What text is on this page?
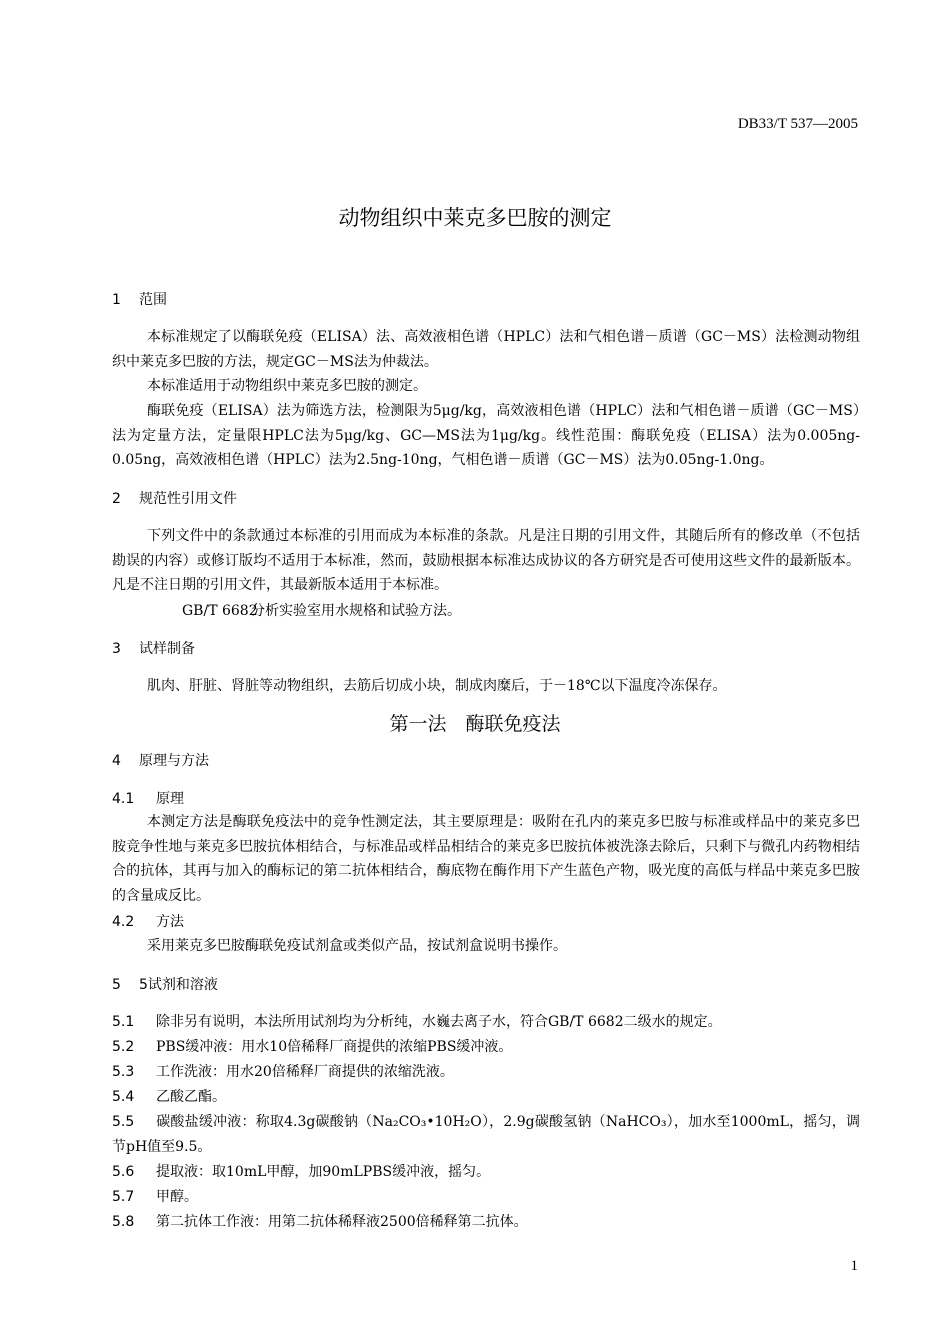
DB33/T 537—2005
动物组织中莱克多巴胺的测定
1 范围
本标准规定了以酶联免疫（ELISA）法、高效液相色谱（HPLC）法和气相色谱－质谱（GC－MS）法检测动物组织中莱克多巴胺的方法，规定GC－MS法为仲裁法。
本标准适用于动物组织中莱克多巴胺的测定。
酶联免疫（ELISA）法为筛选方法，检测限为5μg/kg，高效液相色谱（HPLC）法和气相色谱－质谱（GC－MS）法为定量方法，定量限HPLC法为5μg/kg、GC—MS法为1μg/kg。线性范围：酶联免疫（ELISA）法为0.005ng-0.05ng，高效液相色谱（HPLC）法为2.5ng-10ng，气相色谱－质谱（GC－MS）法为0.05ng-1.0ng。
2 规范性引用文件
下列文件中的条款通过本标准的引用而成为本标准的条款。凡是注日期的引用文件，其随后所有的修改单（不包括勘误的内容）或修订版均不适用于本标准，然而，鼓励根据本标准达成协议的各方研究是否可使用这些文件的最新版本。凡是不注日期的引用文件，其最新版本适用于本标准。
GB/T 6682分析实验室用水规格和试验方法。
3 试样制备
肌肉、肝脏、肾脏等动物组织，去筋后切成小块，制成肉糜后，于－18℃以下温度冷冻保存。
第一法　酶联免疫法
4 原理与方法
4.1 原理
本测定方法是酶联免疫法中的竞争性测定法，其主要原理是：吸附在孔内的莱克多巴胺与标准或样品中的莱克多巴胺竞争性地与莱克多巴胺抗体相结合，与标准品或样品相结合的莱克多巴胺抗体被洗涤去除后，只剩下与微孔内药物相结合的抗体，其再与加入的酶标记的第二抗体相结合，酶底物在酶作用下产生蓝色产物，吸光度的高低与样品中莱克多巴胺的含量成反比。
4.2 方法
采用莱克多巴胺酶联免疫试剂盒或类似产品，按试剂盒说明书操作。
5 5试剂和溶液
5.1 除非另有说明，本法所用试剂均为分析纯，水巍去离子水，符合GB/T 6682二级水的规定。
5.2 PBS缓冲液：用水10倍稀释厂商提供的浓缩PBS缓冲液。
5.3 工作洗液：用水20倍稀释厂商提供的浓缩洗液。
5.4 乙酸乙酯。
5.5 碳酸盐缓冲液：称取4.3g碳酸钠（Na₂CO₃•10H₂O），2.9g碳酸氢钠（NaHCO₃），加水至1000mL，摇匀，调节pH值至9.5。
5.6 提取液：取10mL甲醇，加90mLPBS缓冲液，摇匀。
5.7 甲醇。
5.8 第二抗体工作液：用第二抗体稀释液2500倍稀释第二抗体。
1
